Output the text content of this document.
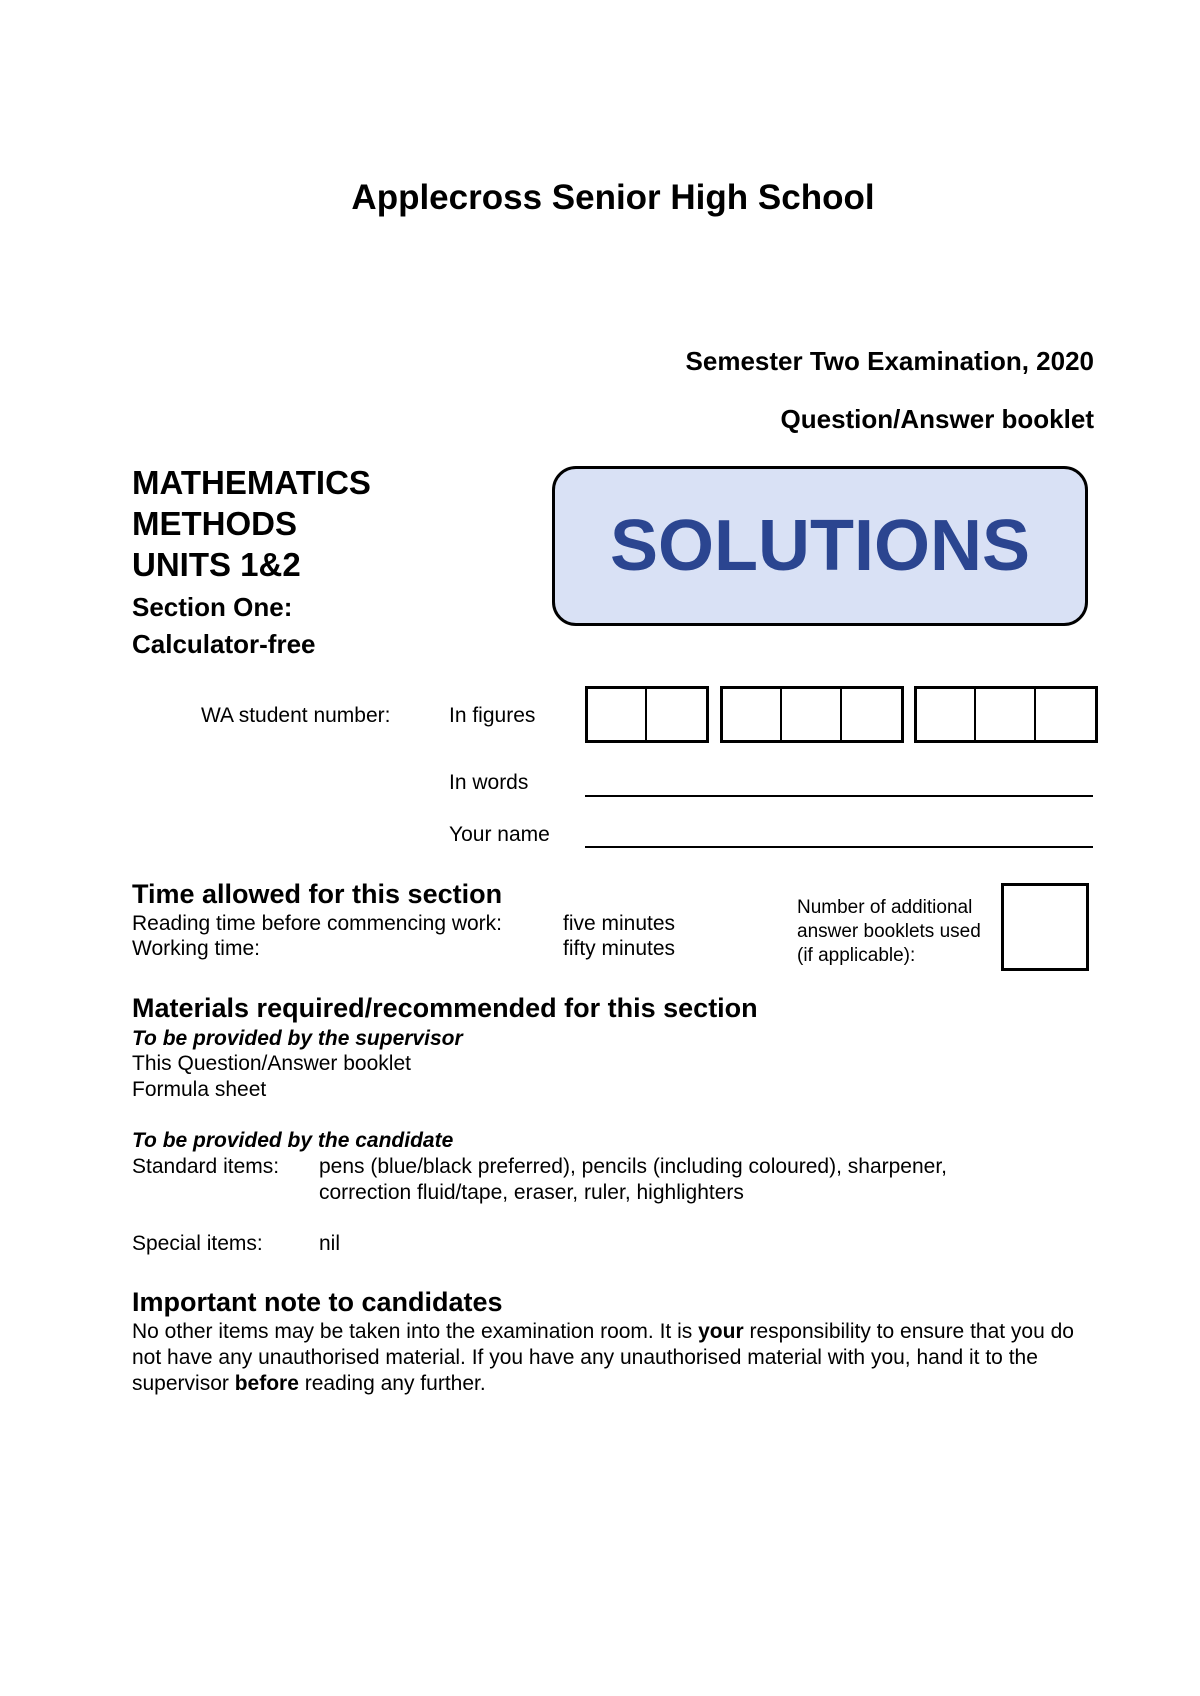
Applecross Senior High School
Semester Two Examination, 2020
Question/Answer booklet
MATHEMATICS
METHODS
UNITS 1&2
Section One:
Calculator-free
SOLUTIONS
WA student number:	In figures
In words
Your name
Time allowed for this section
Reading time before commencing work:	five minutes
Working time:	fifty minutes
Number of additional
answer booklets used
(if applicable):
Materials required/recommended for this section
To be provided by the supervisor
This Question/Answer booklet
Formula sheet
To be provided by the candidate
Standard items: pens (blue/black preferred), pencils (including coloured), sharpener,
correction fluid/tape, eraser, ruler, highlighters
Special items:	nil
Important note to candidates
No other items may be taken into the examination room. It is your responsibility to ensure that you do not have any unauthorised material. If you have any unauthorised material with you, hand it to the supervisor before reading any further.
